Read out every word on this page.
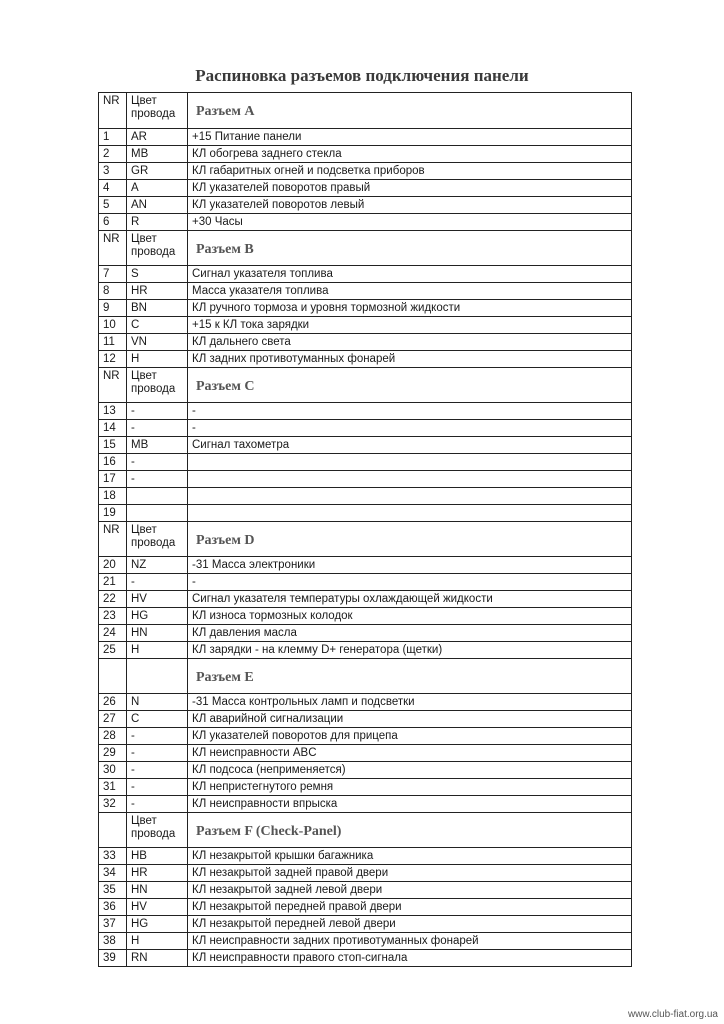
Распиновка разъемов подключения панели
NR Цвет провода	Разъем A
1	AR	+15 Питание панели
2	MB	КЛ обогрева заднего стекла
3	GR	КЛ габаритных огней и подсветка приборов
4	A	КЛ указателей поворотов правый
5	AN	КЛ указателей поворотов левый
6	R	+30 Часы
NR Цвет провода	Разъем B
7	S	Сигнал указателя топлива
8	HR	Масса указателя топлива
9	BN	КЛ ручного тормоза и уровня тормозной жидкости
10	C	+15 к КЛ тока зарядки
11	VN	КЛ дальнего света
12	H	КЛ задних противотуманных фонарей
NR Цвет провода	Разъем C
13	-	-
14	-	-
15	MB	Сигнал тахометра
16	-
17	-
18
19
NR Цвет провода	Разъем D
20	NZ	-31 Масса электроники
21	-	-
22	HV	Сигнал указателя температуры охлаждающей жидкости
23	HG	КЛ износа тормозных колодок
24	HN	КЛ давления масла
25	H	КЛ зарядки - на клемму D+ генератора (щетки)
Разъем E
26	N	-31 Масса контрольных ламп и подсветки
27	C	КЛ аварийной сигнализации
28	-	КЛ указателей поворотов для прицепа
29	-	КЛ неисправности ABC
30	-	КЛ подсоса (неприменяется)
31	-	КЛ непристегнутого ремня
32	-	КЛ неисправности впрыска
Цвет провода	Разъем F (Check-Panel)
33	HB	КЛ незакрытой крышки багажника
34	HR	КЛ незакрытой задней правой двери
35	HN	КЛ незакрытой задней левой двери
36	HV	КЛ незакрытой передней правой двери
37	HG	КЛ незакрытой передней левой двери
38	H	КЛ неисправности задних противотуманных фонарей
39	RN	КЛ неисправности правого стоп-сигнала
www.club-fiat.org.ua
